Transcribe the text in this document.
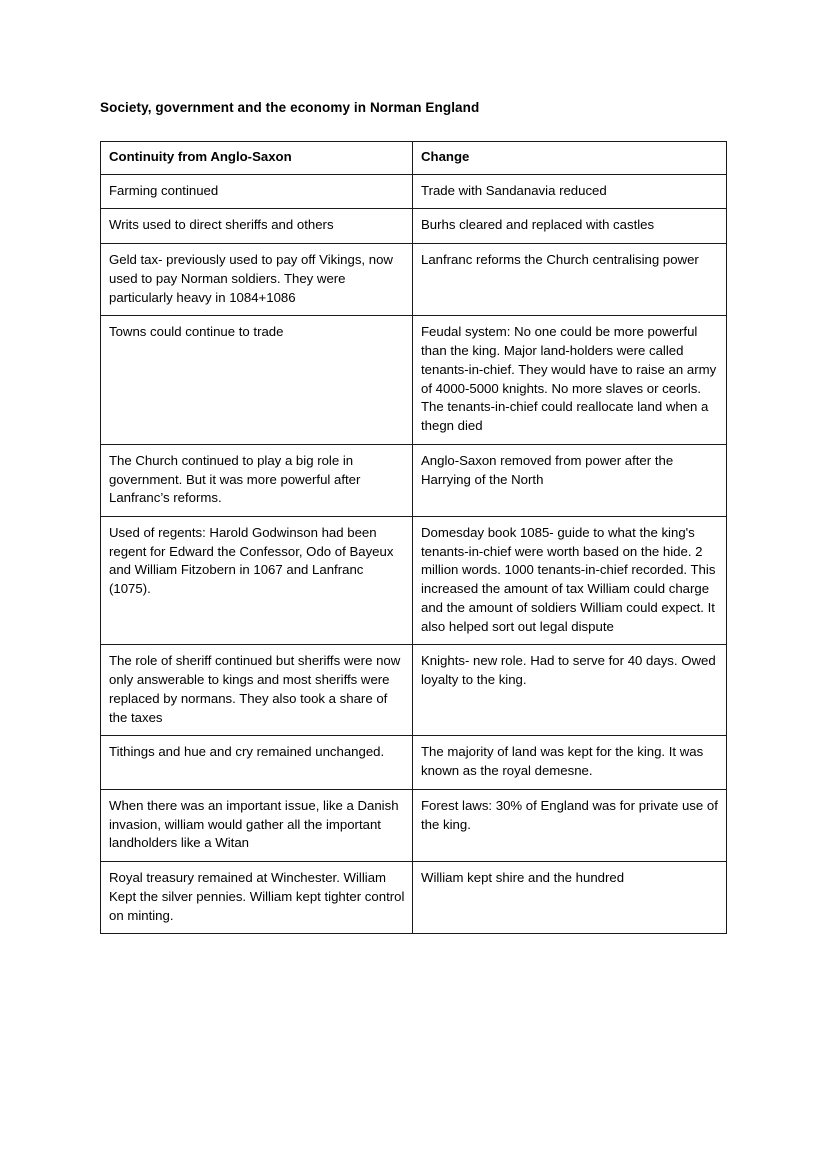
Society, government and the economy in Norman England
Continuity from Anglo-Saxon	Change

Farming continued	Trade with Sandanavia reduced

Writs used to direct sheriffs and others	Burhs cleared and replaced with castles

Geld tax- previously used to pay off Vikings, now used to pay Norman soldiers. They were particularly heavy in 1084+1086	Lanfranc reforms the Church centralising power

Towns could continue to trade	Feudal system: No one could be more powerful than the king. Major land-holders were called tenants-in-chief. They would have to raise an army of 4000-5000 knights. No more slaves or ceorls. The tenants-in-chief could reallocate land when a thegn died

The Church continued to play a big role in government. But it was more powerful after Lanfranc’s reforms.	Anglo-Saxon removed from power after the Harrying of the North

Used of regents: Harold Godwinson had been regent for Edward the Confessor, Odo of Bayeux and William Fitzobern in 1067 and Lanfranc (1075).	Domesday book 1085- guide to what the king's tenants-in-chief were worth based on the hide. 2 million words. 1000 tenants-in-chief recorded. This increased the amount of tax William could charge and the amount of soldiers William could expect. It also helped sort out legal dispute

The role of sheriff continued but sheriffs were now only answerable to kings and most sheriffs were replaced by normans. They also took a share of the taxes	Knights- new role. Had to serve for 40 days. Owed loyalty to the king.

Tithings and hue and cry remained unchanged.	The majority of land was kept for the king. It was known as the royal demesne.

When there was an important issue, like a Danish invasion, william would gather all the important landholders like a Witan	Forest laws: 30% of England was for private use of the king.

Royal treasury remained at Winchester. William Kept the silver pennies. William kept tighter control on minting.	William kept shire and the hundred
